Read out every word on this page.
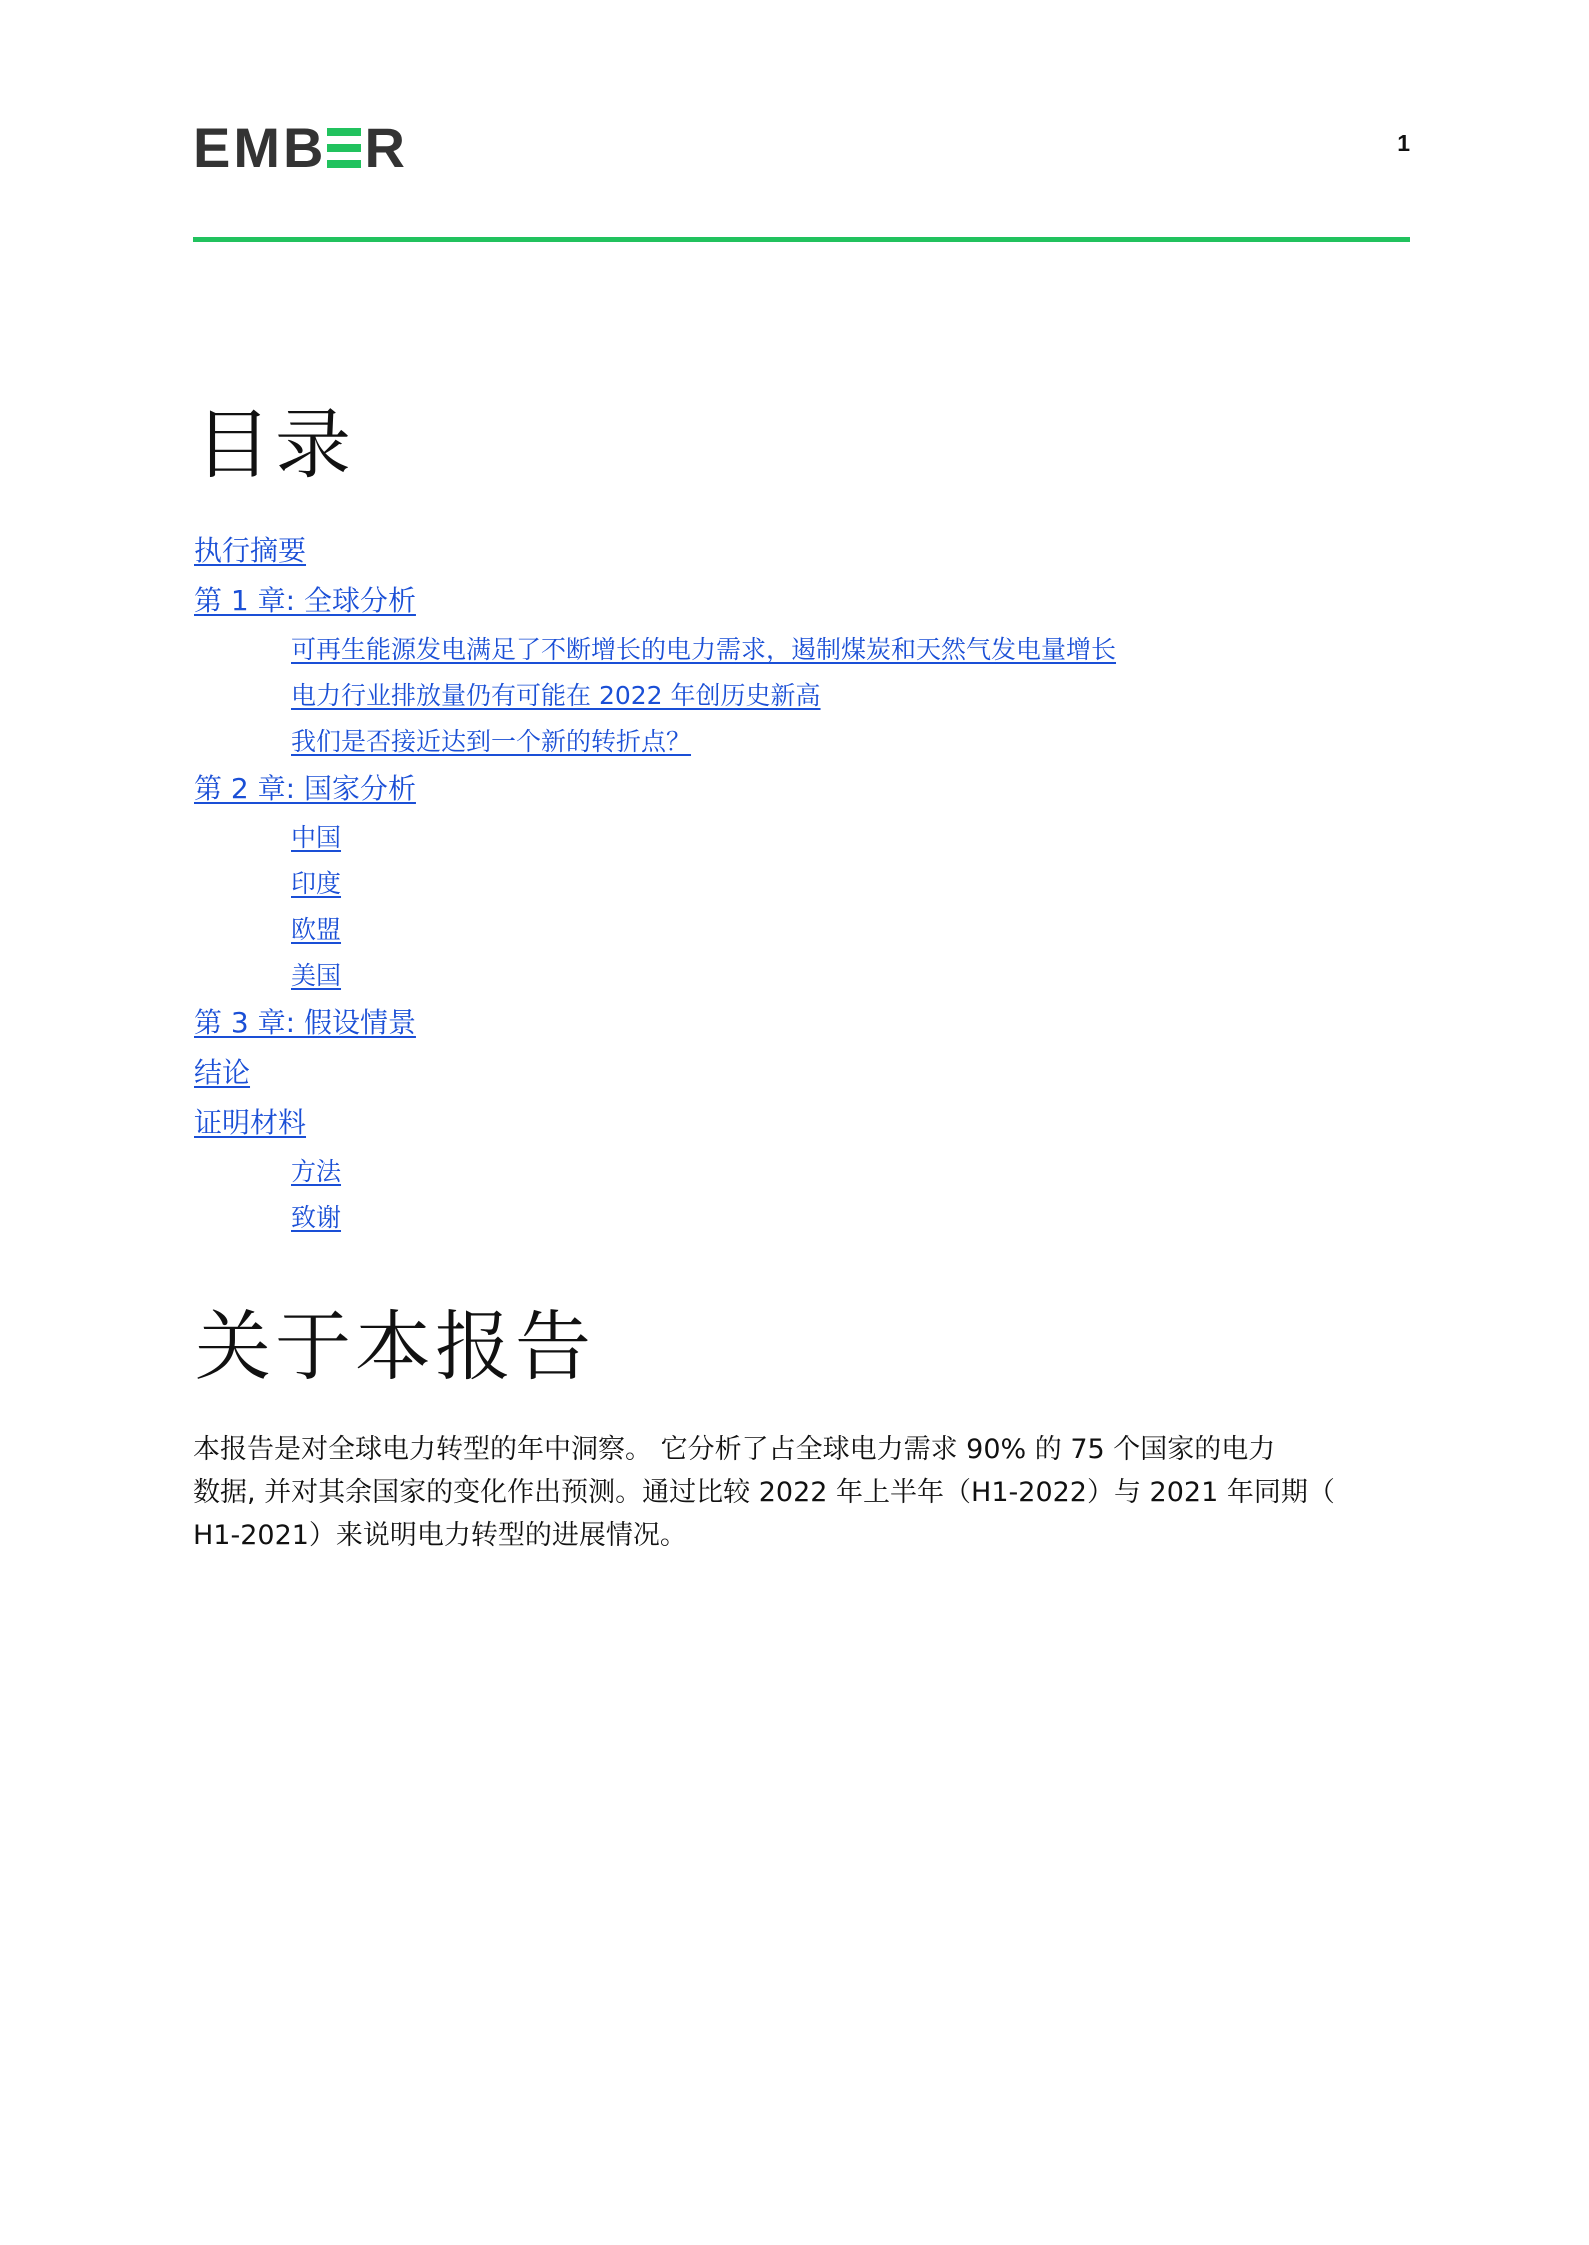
EMB R	1
目录
执行摘要
第 1 章: 全球分析
可再生能源发电满足了不断增长的电力需求，遏制煤炭和天然气发电量增长
电力行业排放量仍有可能在 2022 年创历史新高
我们是否接近达到一个新的转折点？
第 2 章: 国家分析
中国
印度
欧盟
美国
第 3 章: 假设情景
结论
证明材料
方法
致谢
关于本报告

本报告是对全球电力转型的年中洞察。 它分析了占全球电力需求 90% 的 75 个国家的电力
数据, 并对其余国家的变化作出预测。通过比较 2022 年上半年（H1-2022）与 2021 年同期（
H1-2021）来说明电力转型的进展情况。
